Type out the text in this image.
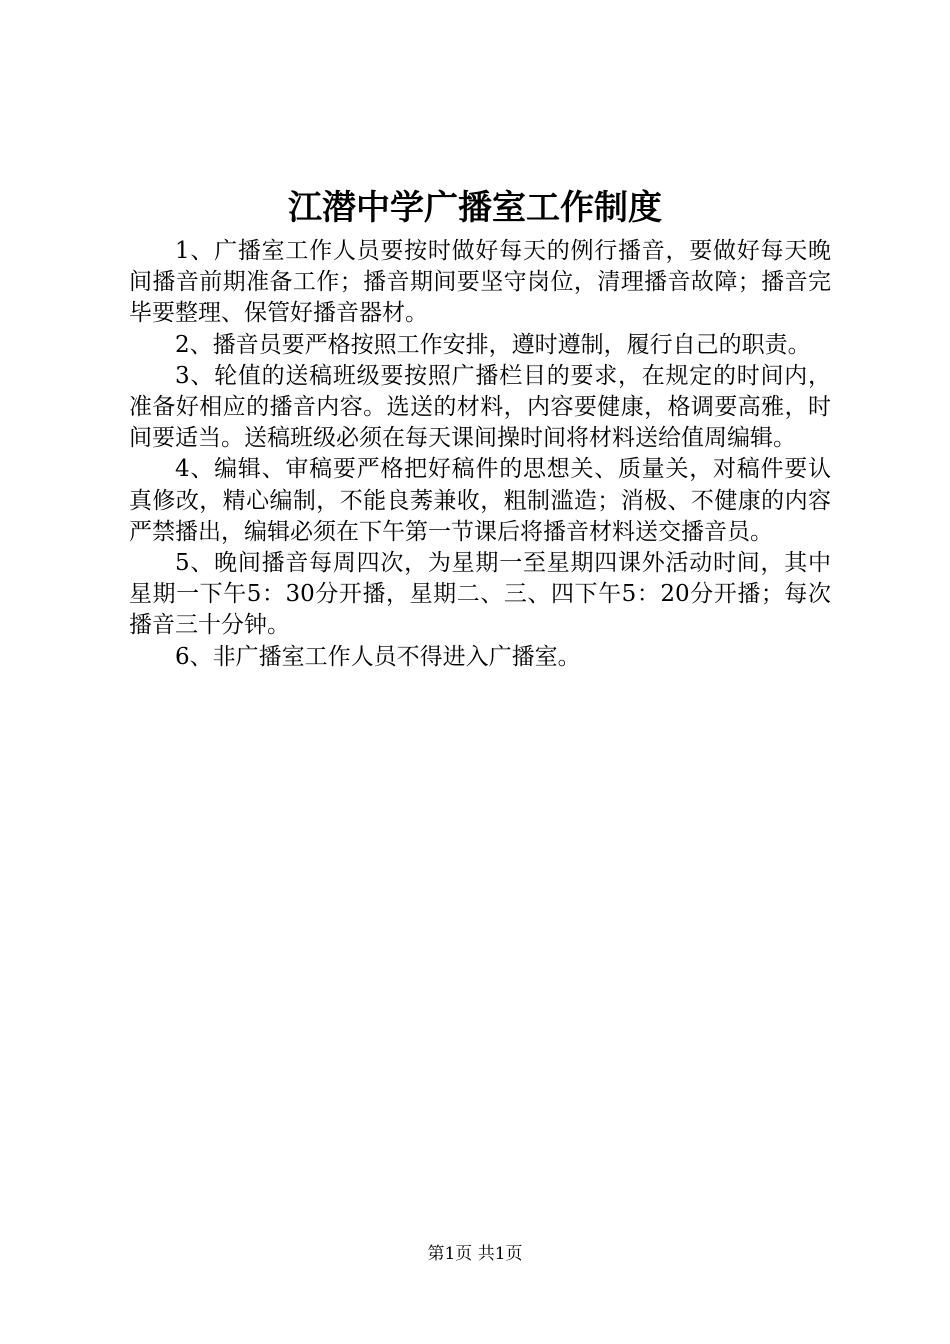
江潜中学广播室工作制度

1、广播室工作人员要按时做好每天的例行播音，要做好每天晚间播音前期准备工作；播音期间要坚守岗位，清理播音故障；播音完毕要整理、保管好播音器材。

2、播音员要严格按照工作安排，遵时遵制，履行自己的职责。

3、轮值的送稿班级要按照广播栏目的要求，在规定的时间内，准备好相应的播音内容。选送的材料，内容要健康，格调要高雅，时间要适当。送稿班级必须在每天课间操时间将材料送给值周编辑。

4、编辑、审稿要严格把好稿件的思想关、质量关，对稿件要认真修改，精心编制，不能良莠兼收，粗制滥造；消极、不健康的内容严禁播出，编辑必须在下午第一节课后将播音材料送交播音员。

5、晚间播音每周四次，为星期一至星期四课外活动时间，其中星期一下午5：30分开播，星期二、三、四下午5：20分开播；每次播音三十分钟。

6、非广播室工作人员不得进入广播室。

第1页 共1页
